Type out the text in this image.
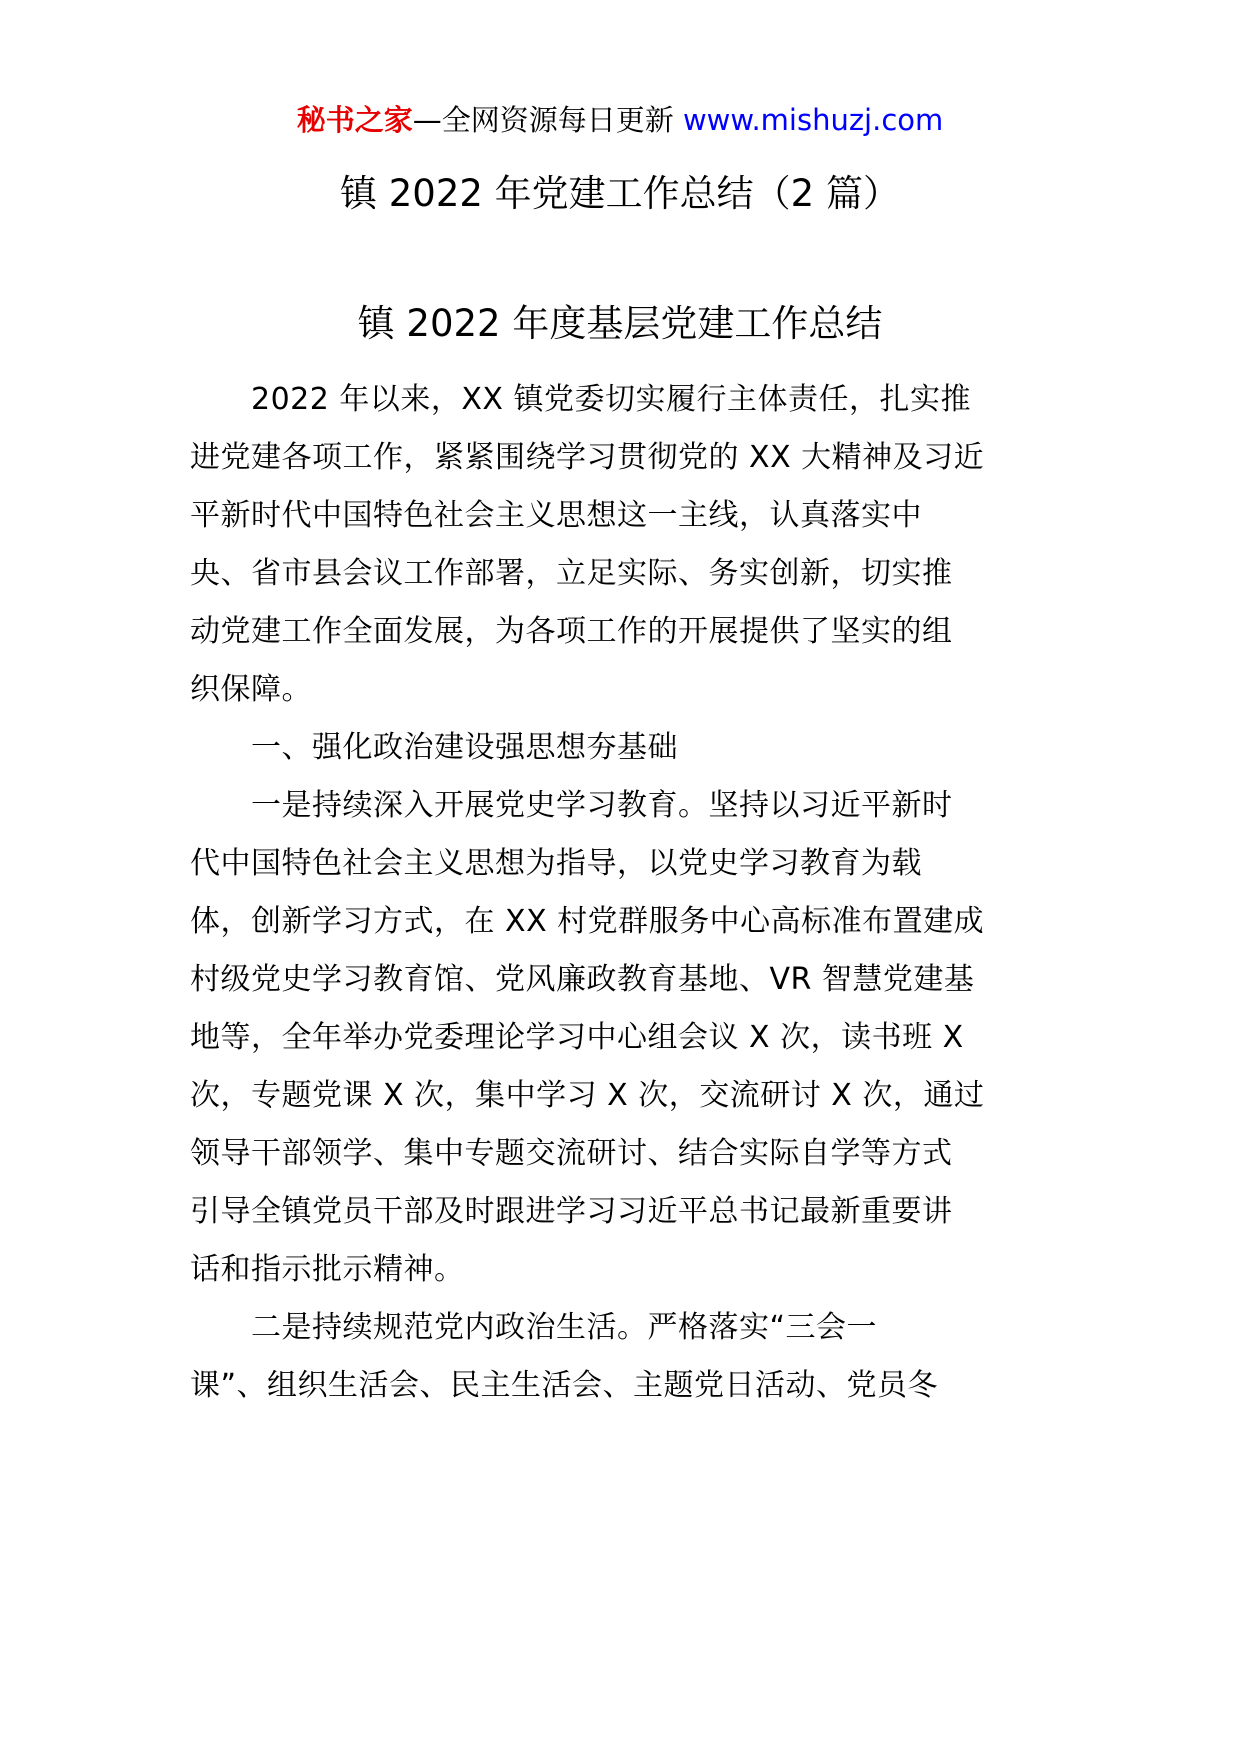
秘书之家—全网资源每日更新 www.mishuzj.com
镇 2022 年党建工作总结（2 篇）
镇 2022 年度基层党建工作总结
　　2022 年以来，XX 镇党委切实履行主体责任，扎实推
进党建各项工作，紧紧围绕学习贯彻党的 XX 大精神及习近
平新时代中国特色社会主义思想这一主线，认真落实中
央、省市县会议工作部署，立足实际、务实创新，切实推
动党建工作全面发展，为各项工作的开展提供了坚实的组
织保障。
　　一、强化政治建设强思想夯基础
　　一是持续深入开展党史学习教育。坚持以习近平新时
代中国特色社会主义思想为指导，以党史学习教育为载
体，创新学习方式，在 XX 村党群服务中心高标准布置建成
村级党史学习教育馆、党风廉政教育基地、VR 智慧党建基
地等，全年举办党委理论学习中心组会议 X 次，读书班 X
次，专题党课 X 次，集中学习 X 次，交流研讨 X 次，通过
领导干部领学、集中专题交流研讨、结合实际自学等方式
引导全镇党员干部及时跟进学习习近平总书记最新重要讲
话和指示批示精神。
　　二是持续规范党内政治生活。严格落实“三会一
课”、组织生活会、民主生活会、主题党日活动、党员冬
